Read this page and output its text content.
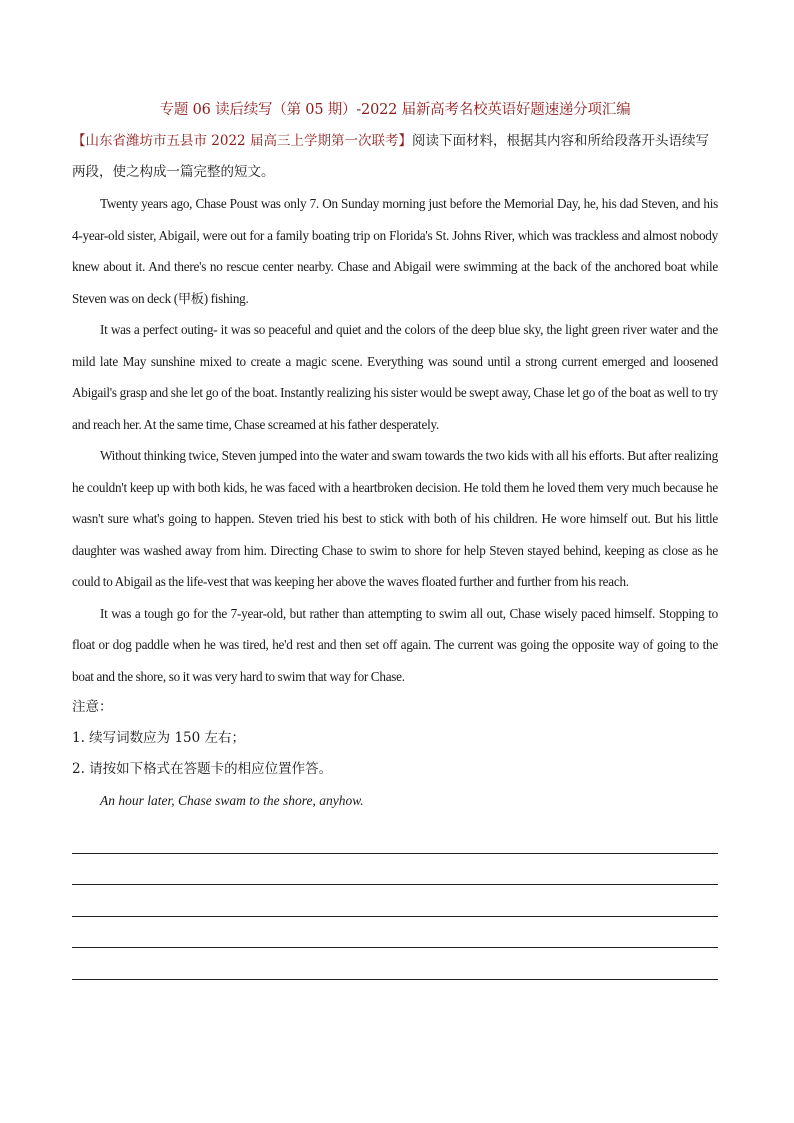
专题 06 读后续写（第 05 期）-2022 届新高考名校英语好题速递分项汇编

【山东省潍坊市五县市 2022 届高三上学期第一次联考】阅读下面材料，根据其内容和所给段落开头语续写两段，使之构成一篇完整的短文。

Twenty years ago, Chase Poust was only 7. On Sunday morning just before the Memorial Day, he, his dad Steven, and his 4-year-old sister, Abigail, were out for a family boating trip on Florida's St. Johns River, which was trackless and almost nobody knew about it. And there's no rescue center nearby. Chase and Abigail were swimming at the back of the anchored boat while Steven was on deck (甲板) fishing.

It was a perfect outing- it was so peaceful and quiet and the colors of the deep blue sky, the light green river water and the mild late May sunshine mixed to create a magic scene. Everything was sound until a strong current emerged and loosened Abigail's grasp and she let go of the boat. Instantly realizing his sister would be swept away, Chase let go of the boat as well to try and reach her. At the same time, Chase screamed at his father desperately.

Without thinking twice, Steven jumped into the water and swam towards the two kids with all his efforts. But after realizing he couldn't keep up with both kids, he was faced with a heartbroken decision. He told them he loved them very much because he wasn't sure what's going to happen. Steven tried his best to stick with both of his children. He wore himself out. But his little daughter was washed away from him. Directing Chase to swim to shore for help Steven stayed behind, keeping as close as he could to Abigail as the life-vest that was keeping her above the waves floated further and further from his reach.

It was a tough go for the 7-year-old, but rather than attempting to swim all out, Chase wisely paced himself. Stopping to float or dog paddle when he was tired, he'd rest and then set off again. The current was going the opposite way of going to the boat and the shore, so it was very hard to swim that way for Chase.

注意：

1. 续写词数应为 150 左右；

2. 请按如下格式在答题卡的相应位置作答。

An hour later, Chase swam to the shore, anyhow.
